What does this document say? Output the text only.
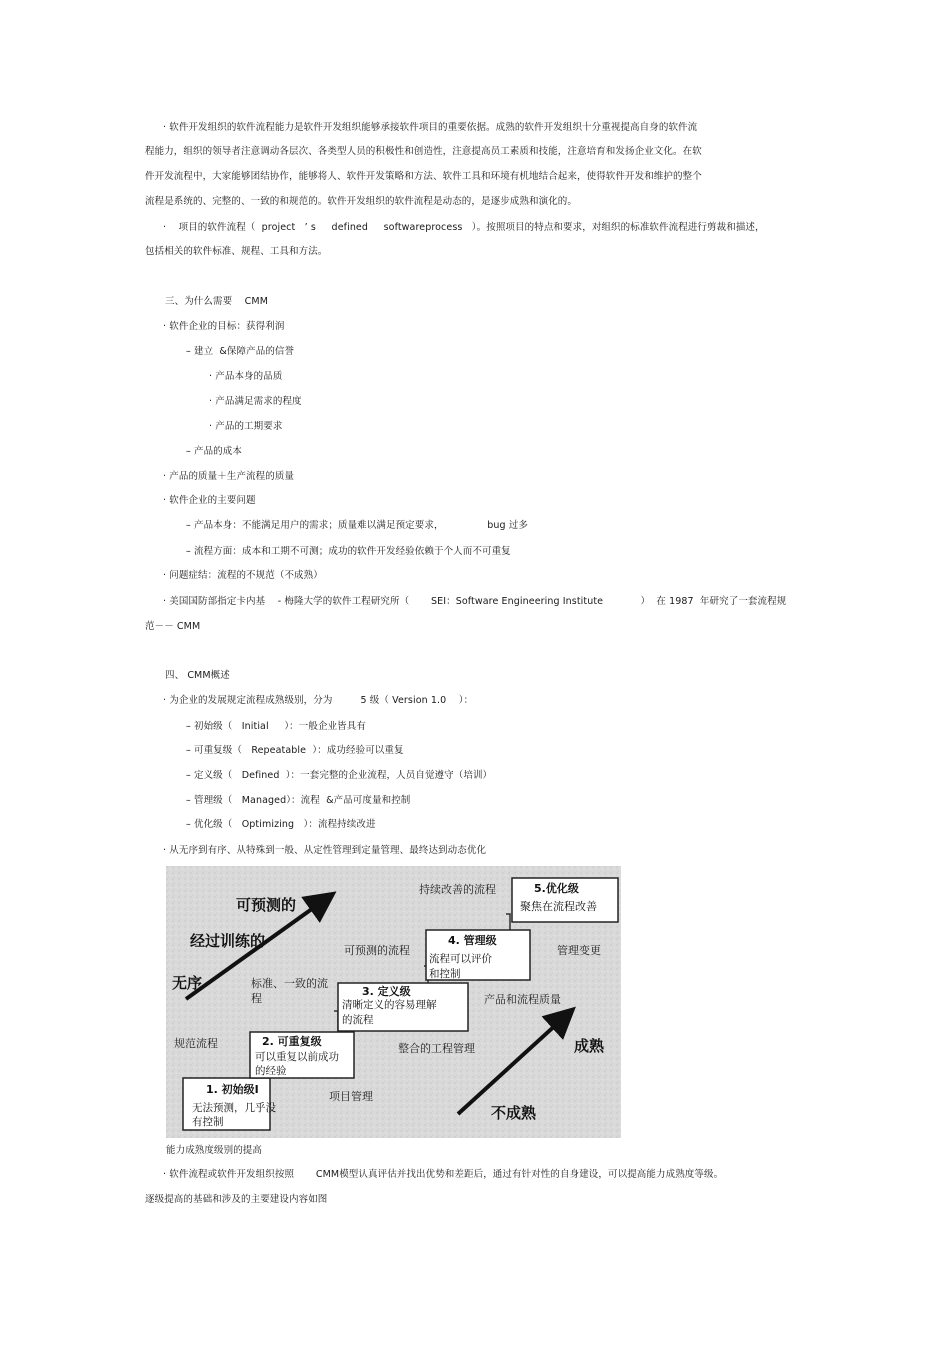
· 软件开发组织的软件流程能力是软件开发组织能够承接软件项目的重要依据。成熟的软件开发组织十分重视提高自身的软件流
程能力，组织的领导者注意调动各层次、各类型人员的积极性和创造性，注意提高员工素质和技能，注意培育和发扬企业文化。在软
件开发流程中，大家能够团结协作，能够将人、软件开发策略和方法、软件工具和环境有机地结合起来，使得软件开发和维护的整个
流程是系统的、完整的、一致的和规范的。软件开发组织的软件流程是动态的，是逐步成熟和演化的。
·    项目的软件流程（  project   ’ s     defined     softwareprocess   ）。按照项目的特点和要求，对组织的标准软件流程进行剪裁和描述，
包括相关的软件标准、规程、工具和方法。
三、为什么需要    CMM
· 软件企业的目标：获得利润
– 建立  &保障产品的信誉
· 产品本身的品质
· 产品满足需求的程度
· 产品的工期要求
– 产品的成本
· 产品的质量＋生产流程的质量
· 软件企业的主要问题
– 产品本身：不能满足用户的需求；质量难以满足预定要求，              bug 过多
– 流程方面：成本和工期不可测；成功的软件开发经验依赖于个人而不可重复
· 问题症结：流程的不规范（不成熟）
· 美国国防部指定卡内基    - 梅隆大学的软件工程研究所（       SEI：Software Engineering Institute            ）  在 1987  年研究了一套流程规
范－－ CMM
四、 CMM概述
· 为企业的发展规定流程成熟级别，分为         5 级（ Version 1.0    ）：
– 初始级（   Initial     ）：一般企业皆具有
– 可重复级（   Repeatable  ）：成功经验可以重复
– 定义级（   Defined  ）：一套完整的企业流程，人员自觉遵守（培训）
– 管理级（   Managed）：流程  &产品可度量和控制
– 优化级（   Optimizing   ）：流程持续改进
· 从无序到有序、从特殊到一般、从定性管理到定量管理、最终达到动态优化
可预测的
经过训练的
无序
规范流程
1. 初始级I
无法预测，几乎没
有控制
2. 可重复级
可以重复以前成功
的经验
3. 定义级
清晰定义的容易理解
的流程
4. 管理级
流程可以评价
和控制
5.优化级
聚焦在流程改善
持续改善的流程
可预测的流程
标准、一致的流
程
管理变更
产品和流程质量
整合的工程管理
项目管理
成熟
不成熟
能力成熟度级别的提高
· 软件流程或软件开发组织按照       CMM模型认真评估并找出优势和差距后，通过有针对性的自身建设，可以提高能力成熟度等级。
逐级提高的基础和涉及的主要建设内容如图
